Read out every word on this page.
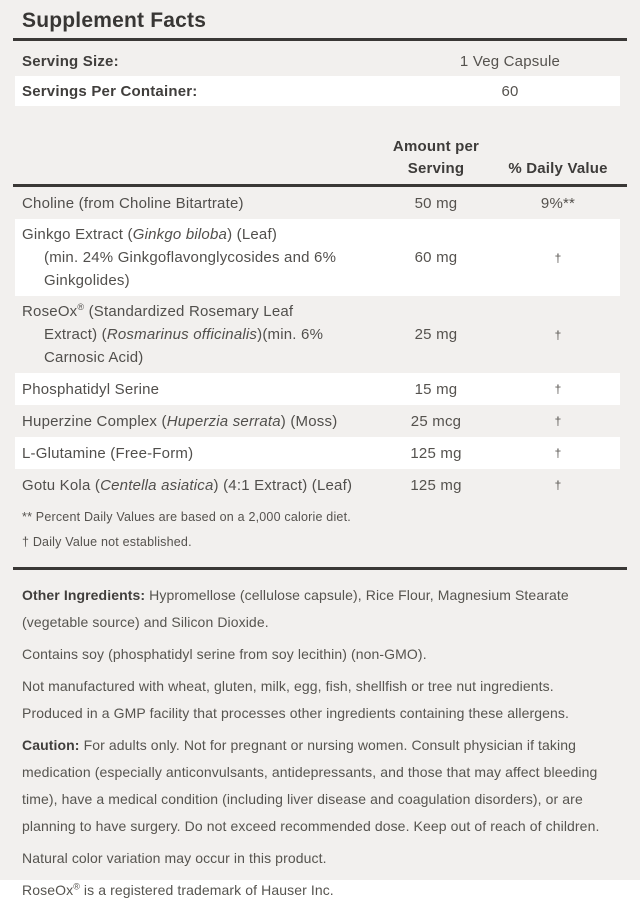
Supplement Facts
Serving Size:	1 Veg Capsule
Servings Per Container:	60
Amount per
Serving	% Daily Value
Choline (from Choline Bitartrate)	50 mg	9%**
Ginkgo Extract (Ginkgo biloba) (Leaf)
(min. 24% Ginkgoflavonglycosides and 6%
Ginkgolides)
60 mg	†
RoseOx® (Standardized Rosemary Leaf
Extract) (Rosmarinus officinalis)(min. 6%
Carnosic Acid)
25 mg	†
Phosphatidyl Serine	15 mg	†
Huperzine Complex (Huperzia serrata) (Moss)	25 mcg	†
L-Glutamine (Free-Form)	125 mg	†
Gotu Kola (Centella asiatica) (4:1 Extract) (Leaf)	125 mg	†
** Percent Daily Values are based on a 2,000 calorie diet.
† Daily Value not established.

Other Ingredients: Hypromellose (cellulose capsule), Rice Flour, Magnesium Stearate (vegetable source) and Silicon Dioxide.

Contains soy (phosphatidyl serine from soy lecithin) (non-GMO).

Not manufactured with wheat, gluten, milk, egg, fish, shellfish or tree nut ingredients. Produced in a GMP facility that processes other ingredients containing these allergens.

Caution: For adults only. Not for pregnant or nursing women. Consult physician if taking medication (especially anticonvulsants, antidepressants, and those that may affect bleeding time), have a medical condition (including liver disease and coagulation disorders), or are planning to have surgery. Do not exceed recommended dose. Keep out of reach of children.

Natural color variation may occur in this product.

RoseOx® is a registered trademark of Hauser Inc.
